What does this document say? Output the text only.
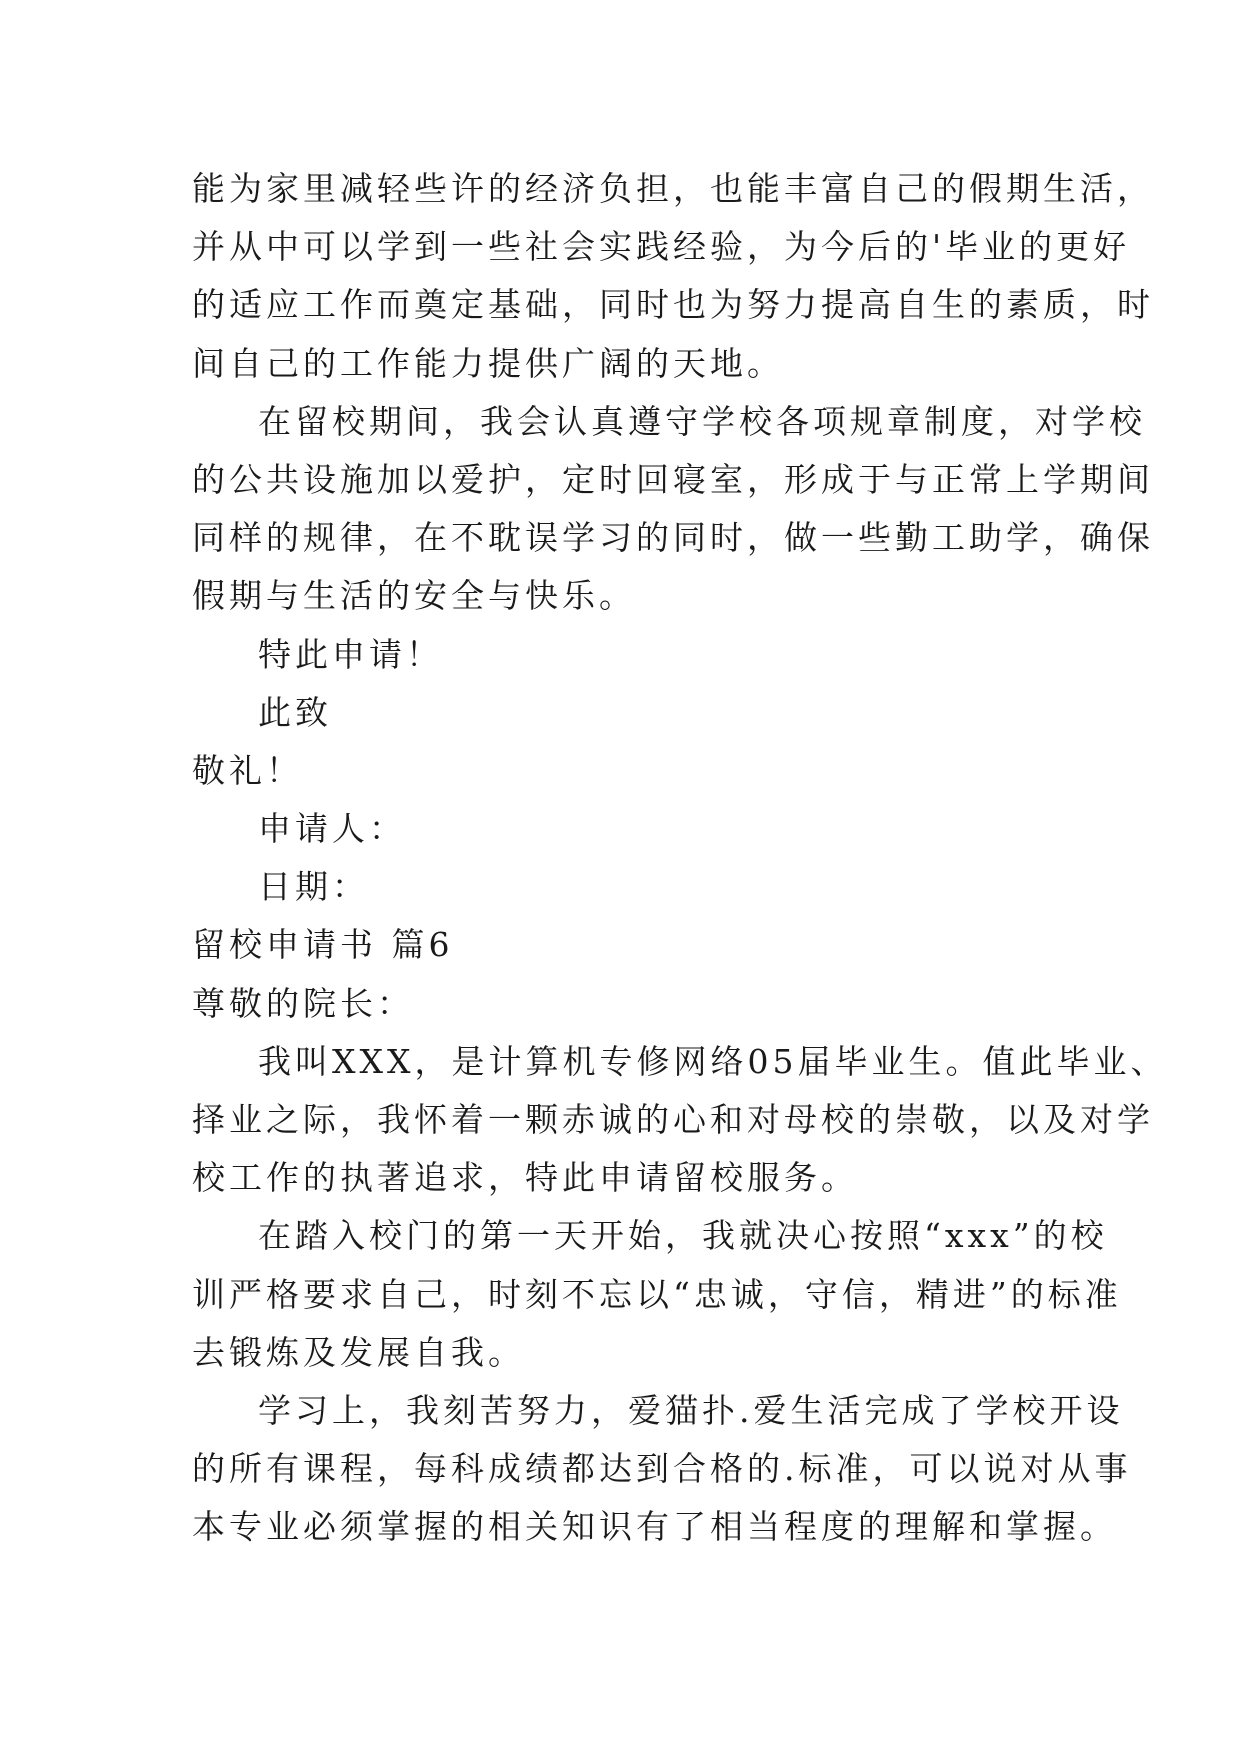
能为家里减轻些许的经济负担，也能丰富自己的假期生活，
并从中可以学到一些社会实践经验，为今后的'毕业的更好
的适应工作而奠定基础，同时也为努力提高自生的素质，时
间自己的工作能力提供广阔的天地。
在留校期间，我会认真遵守学校各项规章制度，对学校
的公共设施加以爱护，定时回寝室，形成于与正常上学期间
同样的规律，在不耽误学习的同时，做一些勤工助学，确保
假期与生活的安全与快乐。
特此申请！
此致
敬礼！
申请人：
日期：
留校申请书 篇6
尊敬的院长：
我叫XXX，是计算机专修网络05届毕业生。值此毕业、
择业之际，我怀着一颗赤诚的心和对母校的崇敬，以及对学
校工作的执著追求，特此申请留校服务。
在踏入校门的第一天开始，我就决心按照“xxx”的校
训严格要求自己，时刻不忘以“忠诚，守信，精进”的标准
去锻炼及发展自我。
学习上，我刻苦努力，爱猫扑.爱生活完成了学校开设
的所有课程，每科成绩都达到合格的.标准，可以说对从事
本专业必须掌握的相关知识有了相当程度的理解和掌握。
